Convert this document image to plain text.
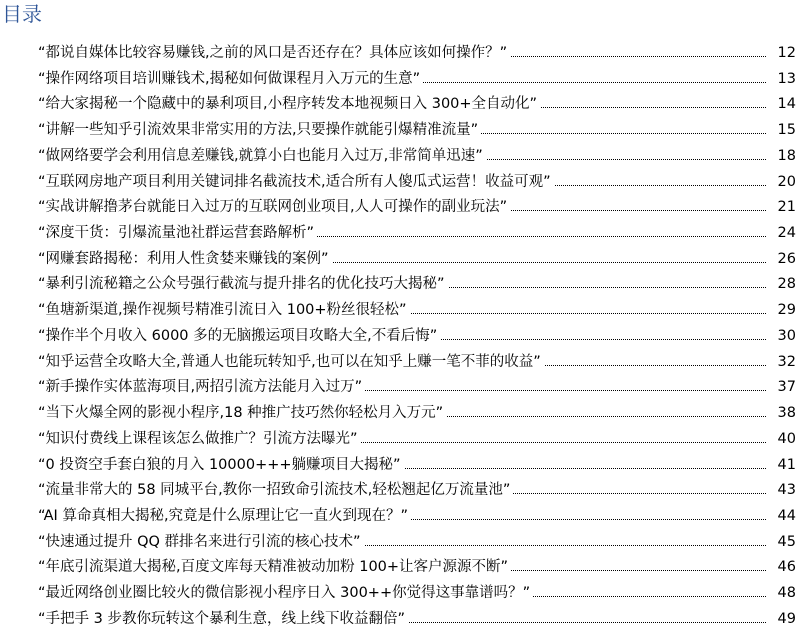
目录
“都说自媒体比较容易赚钱,之前的风口是否还存在？具体应该如何操作？”	12
“操作网络项目培训赚钱术,揭秘如何做课程月入万元的生意”	13
“给大家揭秘一个隐藏中的暴利项目,小程序转发本地视频日入 300+全自动化”	14
“讲解一些知乎引流效果非常实用的方法,只要操作就能引爆精准流量”	15
“做网络要学会利用信息差赚钱,就算小白也能月入过万,非常简单迅速”	18
“互联网房地产项目利用关键词排名截流技术,适合所有人傻瓜式运营！收益可观”	20
“实战讲解撸茅台就能日入过万的互联网创业项目,人人可操作的副业玩法”	21
“深度干货：引爆流量池社群运营套路解析”	24
“网赚套路揭秘：利用人性贪婪来赚钱的案例”	26
“暴利引流秘籍之公众号强行截流与提升排名的优化技巧大揭秘”	28
“鱼塘新渠道,操作视频号精准引流日入 100+粉丝很轻松”	29
“操作半个月收入 6000 多的无脑搬运项目攻略大全,不看后悔”	30
“知乎运营全攻略大全,普通人也能玩转知乎,也可以在知乎上赚一笔不菲的收益”	32
“新手操作实体蓝海项目,两招引流方法能月入过万”	37
“当下火爆全网的影视小程序,18 种推广技巧然你轻松月入万元”	38
“知识付费线上课程该怎么做推广？引流方法曝光”	40
“0 投资空手套白狼的月入 10000+++躺赚项目大揭秘”	41
“流量非常大的 58 同城平台,教你一招致命引流技术,轻松翘起亿万流量池”	43
“AI 算命真相大揭秘,究竟是什么原理让它一直火到现在？”	44
“快速通过提升 QQ 群排名来进行引流的核心技术”	45
“年底引流渠道大揭秘,百度文库每天精准被动加粉 100+让客户源源不断”	46
“最近网络创业圈比较火的微信影视小程序日入 300++你觉得这事靠谱吗？”	48
“手把手 3 步教你玩转这个暴利生意，线上线下收益翻倍”	49
